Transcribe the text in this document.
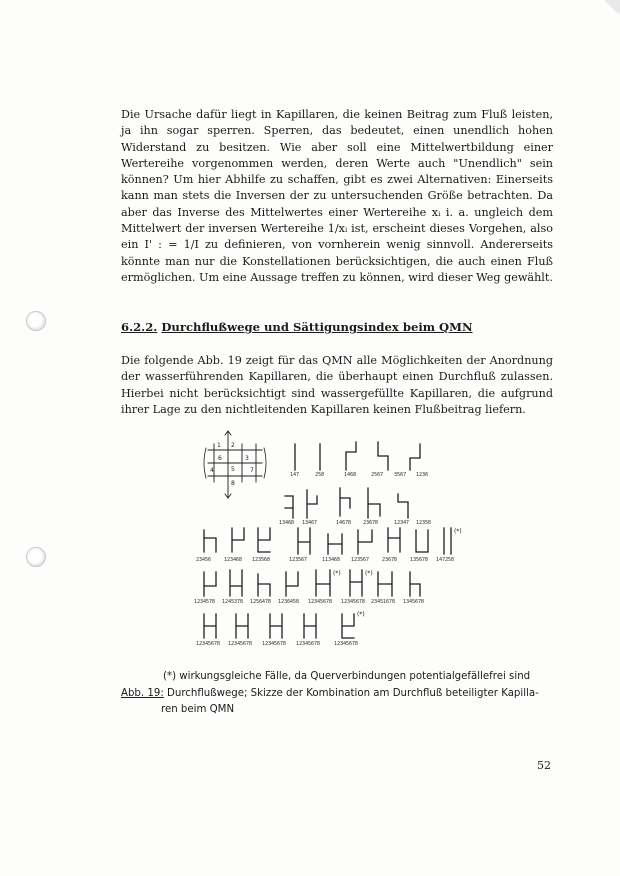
Die Ursache dafür liegt in Kapillaren, die keinen Beitrag zum Fluß leisten, ja ihn sogar sperren. Sperren, das bedeutet, einen unendlich hohen Widerstand zu besitzen. Wie aber soll eine Mittelwertbildung einer Wertereihe vorgenommen werden, deren Werte auch "Unendlich" sein können? Um hier Abhilfe zu schaffen, gibt es zwei Alternativen: Einerseits kann man stets die Inversen der zu untersuchenden Größe betrachten. Da aber das Inverse des Mittelwertes einer Wertereihe xᵢ i. a. ungleich dem Mittelwert der inversen Wertereihe 1/xᵢ ist, erscheint dieses Vorgehen, also ein I' : = 1/I zu definieren, von vornherein wenig sinnvoll. Andererseits könnte man nur die Konstellationen berücksichtigen, die auch einen Fluß ermöglichen. Um eine Aussage treffen zu können, wird dieser Weg gewählt.

6.2.2. Durchflußwege und Sättigungsindex beim QMN

Die folgende Abb. 19 zeigt für das QMN alle Möglichkeiten der Anordnung der wasserführenden Kapillaren, die überhaupt einen Durchfluß zulassen. Hierbei nicht berücksichtigt sind wassergefüllte Kapillaren, die aufgrund ihrer Lage zu den nichtleitenden Kapillaren keinen Flußbeitrag liefern.

1 2
3
4	5
6
7
8
147	258	1468	2567 3567 1236
13468 13467	14678 23678	12347 12358
23456	123468 123568	123567	113468 123567	23678	135678 147258
(*)
1234578 1245378 1256478 1236458 12345678 12345678 23451678 1345678
(*)	(*)
12345678 12345678 12345678 12345678	12345678
(*)

(*) wirkungsgleiche Fälle, da Querverbindungen potentialgefällefrei sind

Abb. 19: Durchflußwege; Skizze der Kombination am Durchfluß beteiligter Kapilla-
ren beim QMN

52
